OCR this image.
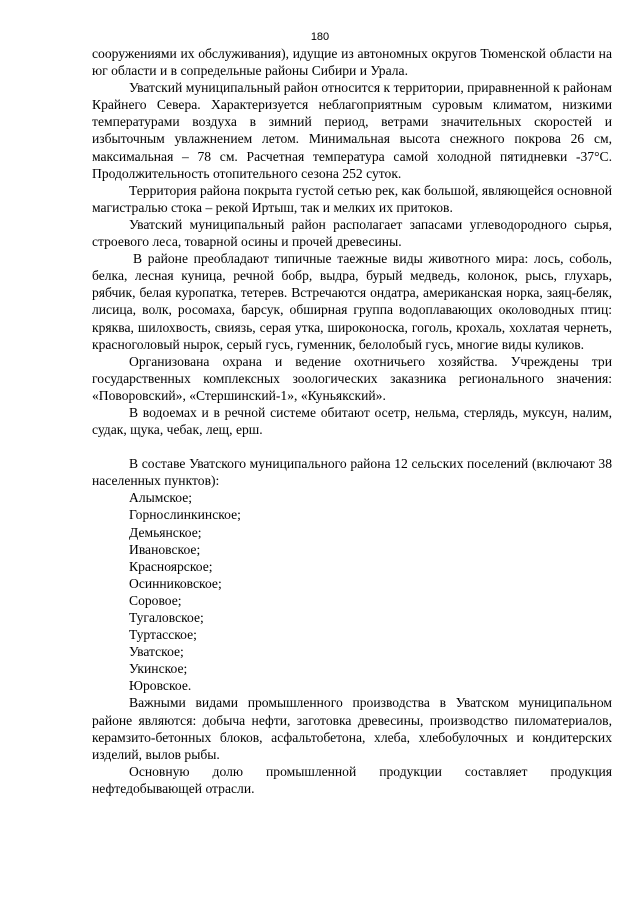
180

сооружениями их обслуживания), идущие из автономных округов Тюменской области на юг области и в сопредельные районы Сибири и Урала.

Уватский муниципальный район относится к территории, приравненной к районам Крайнего Севера. Характеризуется неблагоприятным суровым климатом, низкими температурами воздуха в зимний период, ветрами значительных скоростей и избыточным увлажнением летом. Минимальная высота снежного покрова 26 см, максимальная – 78 см. Расчетная температура самой холодной пятидневки -37°С. Продолжительность отопительного сезона 252 суток.

Территория района покрыта густой сетью рек, как большой, являющейся основной магистралью стока – рекой Иртыш, так и мелких их притоков.

Уватский муниципальный район располагает запасами углеводородного сырья, строевого леса, товарной осины и прочей древесины.

В районе преобладают типичные таежные виды животного мира: лось, соболь, белка, лесная куница, речной бобр, выдра, бурый медведь, колонок, рысь, глухарь, рябчик, белая куропатка, тетерев. Встречаются ондатра, американская норка, заяц-беляк, лисица, волк, росомаха, барсук, обширная группа водоплавающих околоводных птиц: кряква, шилохвость, свиязь, серая утка, широконоска, гоголь, крохаль, хохлатая чернеть, красноголовый нырок, серый гусь, гуменник, белолобый гусь, многие виды куликов.

Организована охрана и ведение охотничьего хозяйства. Учреждены три государственных комплексных зоологических заказника регионального значения: «Поворовский», «Стершинский-1», «Куньякский».

В водоемах и в речной системе обитают осетр, нельма, стерлядь, муксун, налим, судак, щука, чебак, лещ, ерш.

В составе Уватского муниципального района 12 сельских поселений (включают 38 населенных пунктов):

Алымское;
Горнослинкинское;
Демьянское;
Ивановское;
Красноярское;
Осинниковское;
Соровое;
Тугаловское;
Туртасское;
Уватское;
Укинское;
Юровское.

Важными видами промышленного производства в Уватском муниципальном районе являются: добыча нефти, заготовка древесины, производство пиломатериалов, керамзито-бетонных блоков, асфальтобетона, хлеба, хлебобулочных и кондитерских изделий, вылов рыбы.

Основную долю промышленной продукции составляет продукция нефтедобывающей отрасли.
